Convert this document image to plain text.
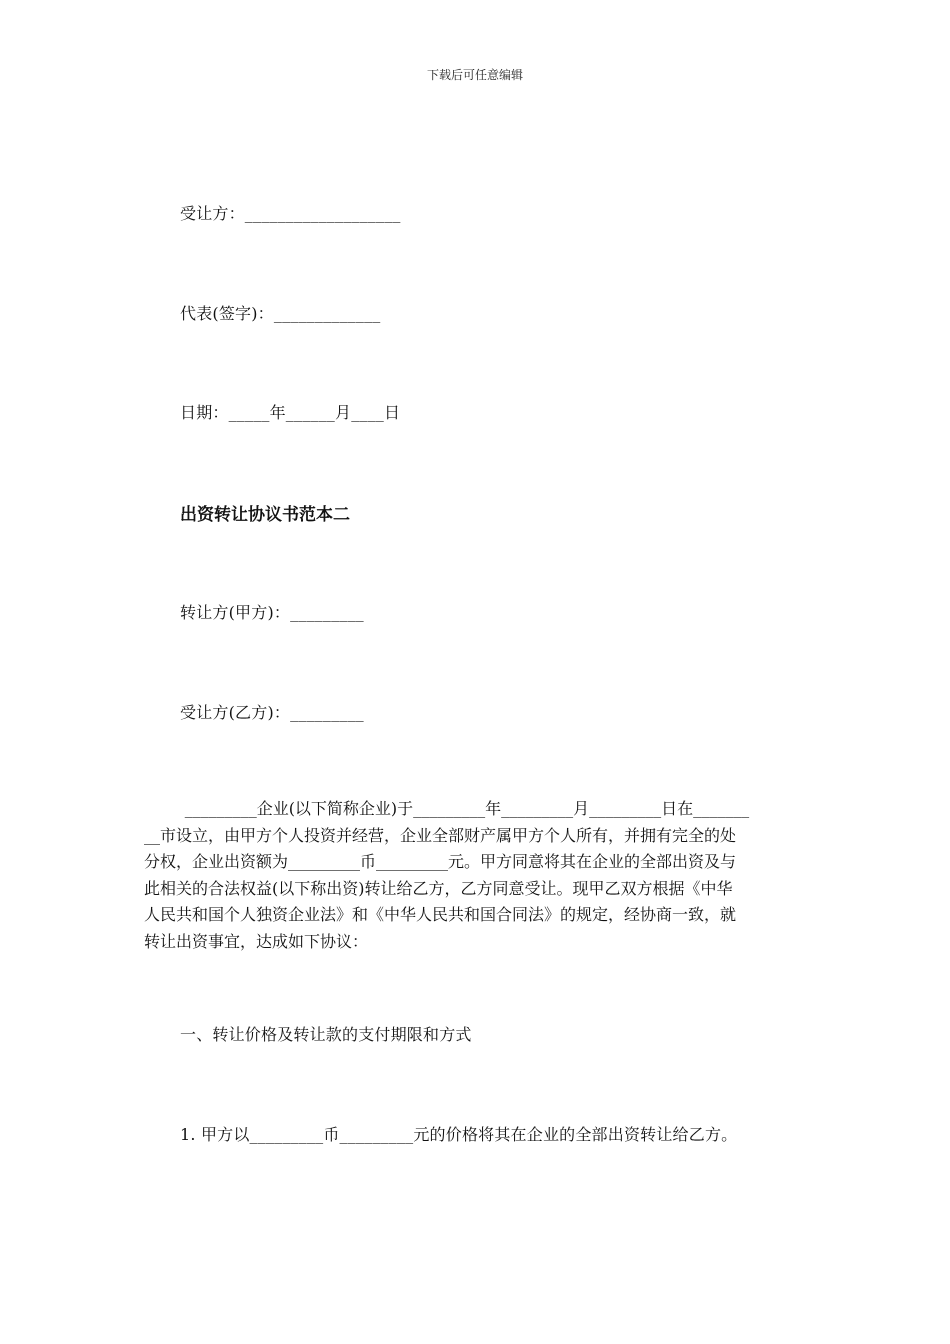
下载后可任意编辑
受让方：___________________
代表(签字)：_____________
日期：_____年______月____日
出资转让协议书范本二
转让方(甲方)：_________
受让方(乙方)：_________
_________企业(以下简称企业)于_________年_________月_________日在_______
__市设立，由甲方个人投资并经营，企业全部财产属甲方个人所有，并拥有完全的处
分权，企业出资额为_________币_________元。甲方同意将其在企业的全部出资及与
此相关的合法权益(以下称出资)转让给乙方，乙方同意受让。现甲乙双方根据《中华
人民共和国个人独资企业法》和《中华人民共和国合同法》的规定，经协商一致，就
转让出资事宜，达成如下协议：
一、转让价格及转让款的支付期限和方式
1. 甲方以_________币_________元的价格将其在企业的全部出资转让给乙方。
